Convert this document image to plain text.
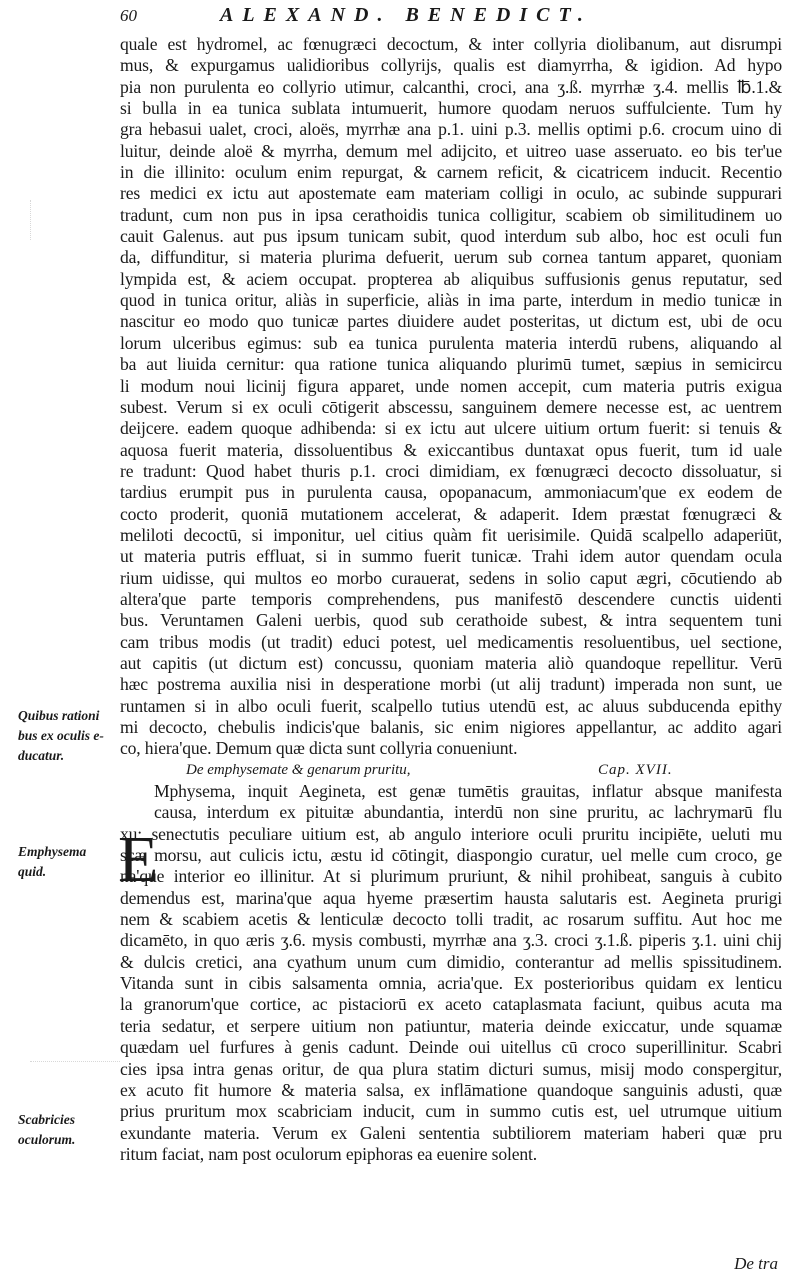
60	ALEXAND. BENEDICT.
Quibus rationi
bus ex oculis e-
ducatur.
Emphysema
quid.
Scabricies
oculorum.
quale est hydromel, ac fœnugræci decoctum, & inter collyria diolibanum, aut disrumpi
mus, & expurgamus ualidioribus collyrijs, qualis est diamyrrha, & igidion. Ad hypo
pia non purulenta eo collyrio utimur, calcanthi, croci, ana ʒ.ß. myrrhæ ʒ.4. mellis ℔.1.&
si bulla in ea tunica sublata intumuerit, humore quodam neruos suffulciente. Tum hy
gra hebasui ualet, croci, aloës, myrrhæ ana p.1. uini p.3. mellis optimi p.6. crocum uino di
luitur, deinde aloë & myrrha, demum mel adijcito, et uitreo uase asseruato. eo bis ter'ue
in die illinito: oculum enim repurgat, & carnem reficit, & cicatricem inducit. Recentio
res medici ex ictu aut apostemate eam materiam colligi in oculo, ac subinde suppurari
tradunt, cum non pus in ipsa cerathoidis tunica colligitur, scabiem ob similitudinem uo
cauit Galenus. aut pus ipsum tunicam subit, quod interdum sub albo, hoc est oculi fun
da, diffunditur, si materia plurima defuerit, uerum sub cornea tantum apparet, quoniam
lympida est, & aciem occupat. propterea ab aliquibus suffusionis genus reputatur, sed
quod in tunica oritur, aliàs in superficie, aliàs in ima parte, interdum in medio tunicæ in
nascitur eo modo quo tunicæ partes diuidere audet posteritas, ut dictum est, ubi de ocu
lorum ulceribus egimus: sub ea tunica purulenta materia interdū rubens, aliquando al
ba aut liuida cernitur: qua ratione tunica aliquando plurimū tumet, sæpius in semicircu
li modum noui licinij figura apparet, unde nomen accepit, cum materia putris exigua
subest. Verum si ex oculi cōtigerit abscessu, sanguinem demere necesse est, ac uentrem
deijcere. eadem quoque adhibenda: si ex ictu aut ulcere uitium ortum fuerit: si tenuis &
aquosa fuerit materia, dissoluentibus & exiccantibus duntaxat opus fuerit, tum id uale
re tradunt: Quod habet thuris p.1. croci dimidiam, ex fœnugræci decocto dissoluatur, si
tardius erumpit pus in purulenta causa, opopanacum, ammoniacum'que ex eodem de
cocto proderit, quoniā mutationem accelerat, & adaperit. Idem præstat fœnugræci &
meliloti decoctū, si imponitur, uel citius quàm fit uerisimile. Quidā scalpello adaperiūt,
ut materia putris effluat, si in summo fuerit tunicæ. Trahi idem autor quendam ocula
rium uidisse, qui multos eo morbo curauerat, sedens in solio caput ægri, cōcutiendo ab
altera'que parte temporis comprehendens, pus manifestō descendere cunctis uidenti
bus. Veruntamen Galeni uerbis, quod sub cerathoide subest, & intra sequentem tuni
cam tribus modis (ut tradit) educi potest, uel medicamentis resoluentibus, uel sectione,
aut capitis (ut dictum est) concussu, quoniam materia aliò quandoque repellitur. Verū
hæc postrema auxilia nisi in desperatione morbi (ut alij tradunt) imperada non sunt, ue
runtamen si in albo oculi fuerit, scalpello tutius utendū est, ac aluus subducenda epithy
mi decocto, chebulis indicis'que balanis, sic enim nigiores appellantur, ac addito agari
co, hiera'que. Demum quæ dicta sunt collyria conueniunt.
De emphysemate & genarum pruritu,	Cap. XVII.
Mphysema, inquit Aegineta, est genæ tumētis grauitas, inflatur absque manifesta
causa, interdum ex pituitæ abundantia, interdū non sine pruritu, ac lachrymarū flu
xu: senectutis peculiare uitium est, ab angulo interiore oculi pruritu incipiēte, ueluti mu
scæ morsu, aut culicis ictu, æstu id cōtingit, diaspongio curatur, uel melle cum croco, ge
na'que interior eo illinitur. At si plurimum pruriunt, & nihil prohibeat, sanguis à cubito
demendus est, marina'que aqua hyeme præsertim hausta salutaris est. Aegineta prurigi
nem & scabiem acetis & lenticulæ decocto tolli tradit, ac rosarum suffitu. Aut hoc me
dicamēto, in quo æris ʒ.6. mysis combusti, myrrhæ ana ʒ.3. croci ʒ.1.ß. piperis ʒ.1. uini chij
& dulcis cretici, ana cyathum unum cum dimidio, conterantur ad mellis spissitudinem.
Vitanda sunt in cibis salsamenta omnia, acria'que. Ex posterioribus quidam ex lenticu
la granorum'que cortice, ac pistaciorū ex aceto cataplasmata faciunt, quibus acuta ma
teria sedatur, et serpere uitium non patiuntur, materia deinde exiccatur, unde squamæ
quædam uel furfures à genis cadunt. Deinde oui uitellus cū croco superillinitur. Scabri
cies ipsa intra genas oritur, de qua plura statim dicturi sumus, misij modo conspergitur,
ex acuto fit humore & materia salsa, ex inflāmatione quandoque sanguinis adusti, quæ
prius pruritum mox scabriciam inducit, cum in summo cutis est, uel utrumque uitium
exundante materia. Verum ex Galeni sententia subtiliorem materiam haberi quæ pru
ritum faciat, nam post oculorum epiphoras ea euenire solent.
E
De tra
